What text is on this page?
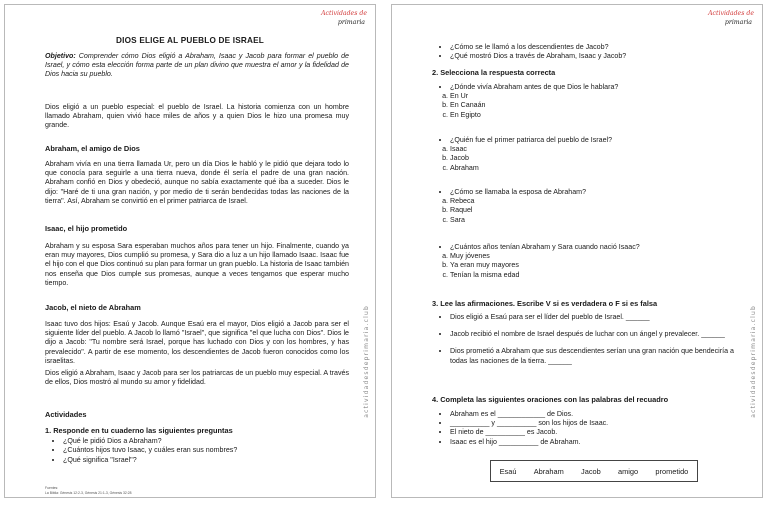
Actividades de

primaria
actividadesdeprimaria.club
DIOS ELIGE AL PUEBLO DE ISRAEL

Objetivo: Comprender cómo Dios eligió a Abraham, Isaac y Jacob para formar el pueblo de Israel, y cómo esta elección forma parte de un plan divino que muestra el amor y la fidelidad de Dios hacia su pueblo.

Dios eligió a un pueblo especial: el pueblo de Israel. La historia comienza con un hombre llamado Abraham, quien vivió hace miles de años y a quien Dios le hizo una promesa muy grande.

Abraham, el amigo de Dios

Abraham vivía en una tierra llamada Ur, pero un día Dios le habló y le pidió que dejara todo lo que conocía para seguirle a una tierra nueva, donde él sería el padre de una gran nación. Abraham confió en Dios y obedeció, aunque no sabía exactamente qué iba a suceder. Dios le dijo: "Haré de ti una gran nación, y por medio de ti serán bendecidas todas las naciones de la tierra". Así, Abraham se convirtió en el primer patriarca de Israel.

Isaac, el hijo prometido

Abraham y su esposa Sara esperaban muchos años para tener un hijo. Finalmente, cuando ya eran muy mayores, Dios cumplió su promesa, y Sara dio a luz a un hijo llamado Isaac. Isaac fue el hijo con el que Dios continuó su plan para formar un gran pueblo. La historia de Isaac también nos enseña que Dios cumple sus promesas, aunque a veces tengamos que esperar mucho tiempo.

Jacob, el nieto de Abraham

Isaac tuvo dos hijos: Esaú y Jacob. Aunque Esaú era el mayor, Dios eligió a Jacob para ser el siguiente líder del pueblo. A Jacob lo llamó "Israel", que significa "el que lucha con Dios". Dios le dijo a Jacob: "Tu nombre será Israel, porque has luchado con Dios y con los hombres, y has prevalecido". A partir de ese momento, los descendientes de Jacob fueron conocidos como los israelitas.

Dios eligió a Abraham, Isaac y Jacob para ser los patriarcas de un pueblo muy especial. A través de ellos, Dios mostró al mundo su amor y fidelidad.

Actividades
1. Responde en tu cuaderno las siguientes preguntas
• ¿Qué le pidió Dios a Abraham?
• ¿Cuántos hijos tuvo Isaac, y cuáles eran sus nombres?
• ¿Qué significa "Israel"?
Fuentes:
La Biblia: Génesis 12:2-3, Génesis 21:1-3, Génesis 32:28
Actividades de

primaria
actividadesdeprimaria.club
• ¿Cómo se le llamó a los descendientes de Jacob?
• ¿Qué mostró Dios a través de Abraham, Isaac y Jacob?
2. Selecciona la respuesta correcta
• ¿Dónde vivía Abraham antes de que Dios le hablara?
a. En Ur
b. En Canaán
c. En Egipto
• ¿Quién fue el primer patriarca del pueblo de Israel?
a. Isaac
b. Jacob
c. Abraham
• ¿Cómo se llamaba la esposa de Abraham?
a. Rebeca
b. Raquel
c. Sara
• ¿Cuántos años tenían Abraham y Sara cuando nació Isaac?
a. Muy jóvenes
b. Ya eran muy mayores
c. Tenían la misma edad
3. Lee las afirmaciones. Escribe V si es verdadera o F si es falsa
• Dios eligió a Esaú para ser el líder del pueblo de Israel. ______
• Jacob recibió el nombre de Israel después de luchar con un ángel y prevalecer. ______
• Dios prometió a Abraham que sus descendientes serían una gran nación que bendeciría a todas las naciones de la tierra. ______
4. Completa las siguientes oraciones con las palabras del recuadro
• Abraham es el ____________ de Dios.
• __________ y __________ son los hijos de Isaac.
• El nieto de __________ es Jacob.
• Isaac es el hijo __________ de Abraham.
Esaú Abraham Jacob amigo prometido
